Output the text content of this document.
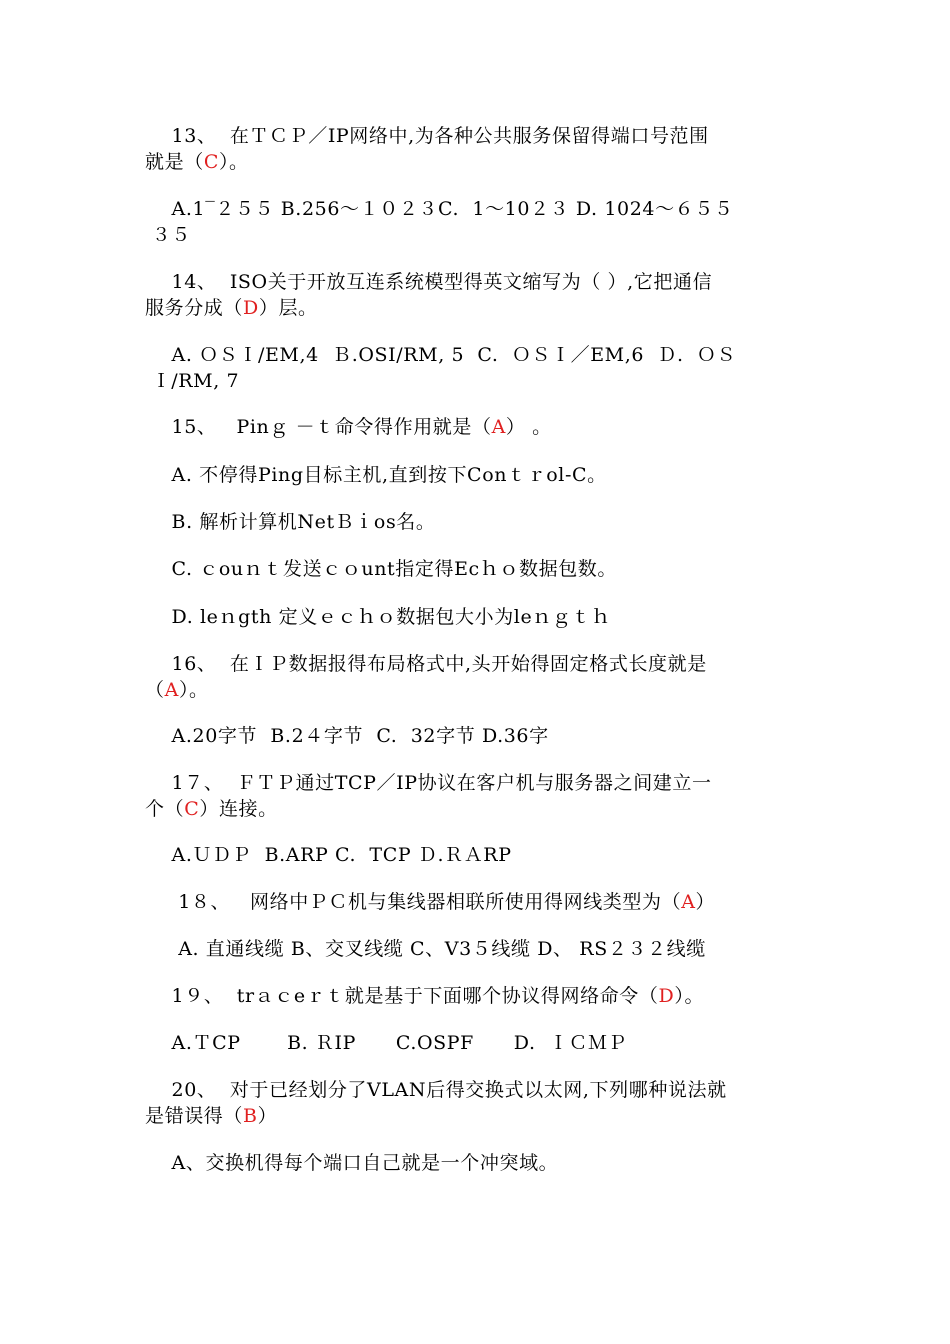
13、  在ＴＣＰ／IP网络中,为各种公共服务保留得端口号范围
就是（C）。
A.1‾２５５ B.256～１０２３C.  1～10２３ D. 1024～６５５
３５
14、  ISO关于开放互连系统模型得英文缩写为（ ）,它把通信
服务分成（D）层。
A. ＯＳＩ/EM,4  Ｂ.OSI/RM, 5  C.  ＯＳＩ／EM,6  Ｄ.  ＯＳ
Ｉ/RM, 7
15、   Pinｇ －ｔ命令得作用就是（A） 。
A. 不停得Ping目标主机,直到按下Conｔｒol-C。
B. 解析计算机NetＢｉos名。
C. ｃouｎｔ发送ｃｏunt指定得Ecｈｏ数据包数。
D. leｎgth 定义ｅｃｈｏ数据包大小为leｎｇｔｈ
16、  在ＩＰ数据报得布局格式中,头开始得固定格式长度就是
（A）。
A.20字节  B.2４字节  C.  32字节 D.36字
1７、  ＦＴＰ通过TCP／IP协议在客户机与服务器之间建立一
个（C）连接。
A.ＵＤＰ  B.ARP C.  TCP Ｄ.ＲＡRP
1８、   网络中ＰＣ机与集线器相联所使用得网线类型为（A）
A. 直通线缆 B、交叉线缆 C、V3５线缆 D、 RS２３２线缆
1９、  trａｃeｒｔ就是基于下面哪个协议得网络命令（D）。
A.ＴCP       B. ＲIP      C.OSPF      D.  ＩＣＭＰ
20、  对于已经划分了VLAN后得交换式以太网,下列哪种说法就
是错误得（B）
A、交换机得每个端口自己就是一个冲突域。
